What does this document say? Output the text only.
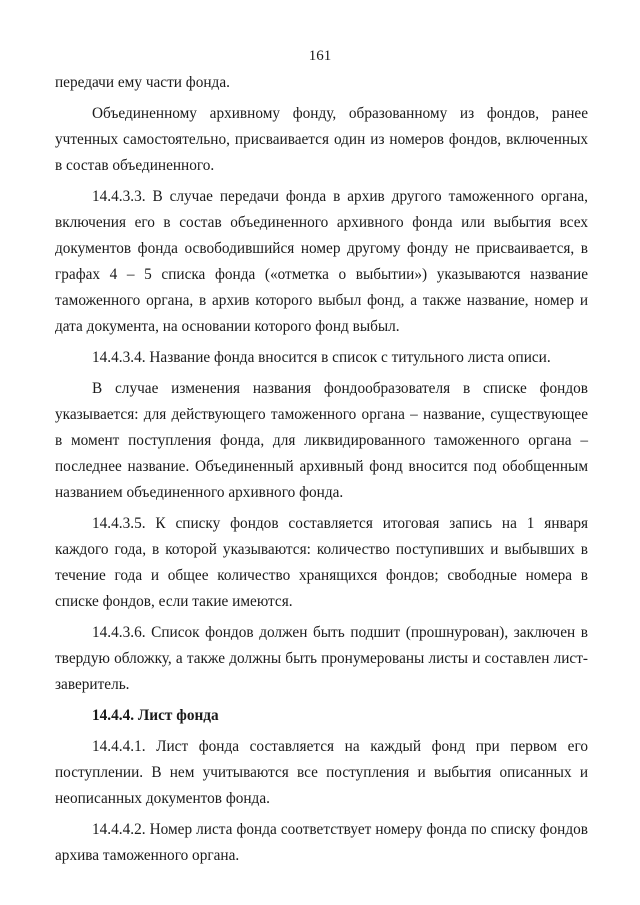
161

передачи ему части фонда.

Объединенному архивному фонду, образованному из фондов, ранее учтенных самостоятельно, присваивается один из номеров фондов, включенных в состав объединенного.

14.4.3.3. В случае передачи фонда в архив другого таможенного органа, включения его в состав объединенного архивного фонда или выбытия всех документов фонда освободившийся номер другому фонду не присваивается, в графах 4 – 5 списка фонда («отметка о выбытии») указываются название таможенного органа, в архив которого выбыл фонд, а также название, номер и дата документа, на основании которого фонд выбыл.

14.4.3.4. Название фонда вносится в список с титульного листа описи.

В случае изменения названия фондообразователя в списке фондов указывается: для действующего таможенного органа – название, существующее в момент поступления фонда, для ликвидированного таможенного органа – последнее название. Объединенный архивный фонд вносится под обобщенным названием объединенного архивного фонда.

14.4.3.5. К списку фондов составляется итоговая запись на 1 января каждого года, в которой указываются: количество поступивших и выбывших в течение года и общее количество хранящихся фондов; свободные номера в списке фондов, если такие имеются.

14.4.3.6. Список фондов должен быть подшит (прошнурован), заключен в твердую обложку, а также должны быть пронумерованы листы и составлен лист-заверитель.

14.4.4. Лист фонда

14.4.4.1. Лист фонда составляется на каждый фонд при первом его поступлении. В нем учитываются все поступления и выбытия описанных и неописанных документов фонда.

14.4.4.2. Номер листа фонда соответствует номеру фонда по списку фондов архива таможенного органа.
